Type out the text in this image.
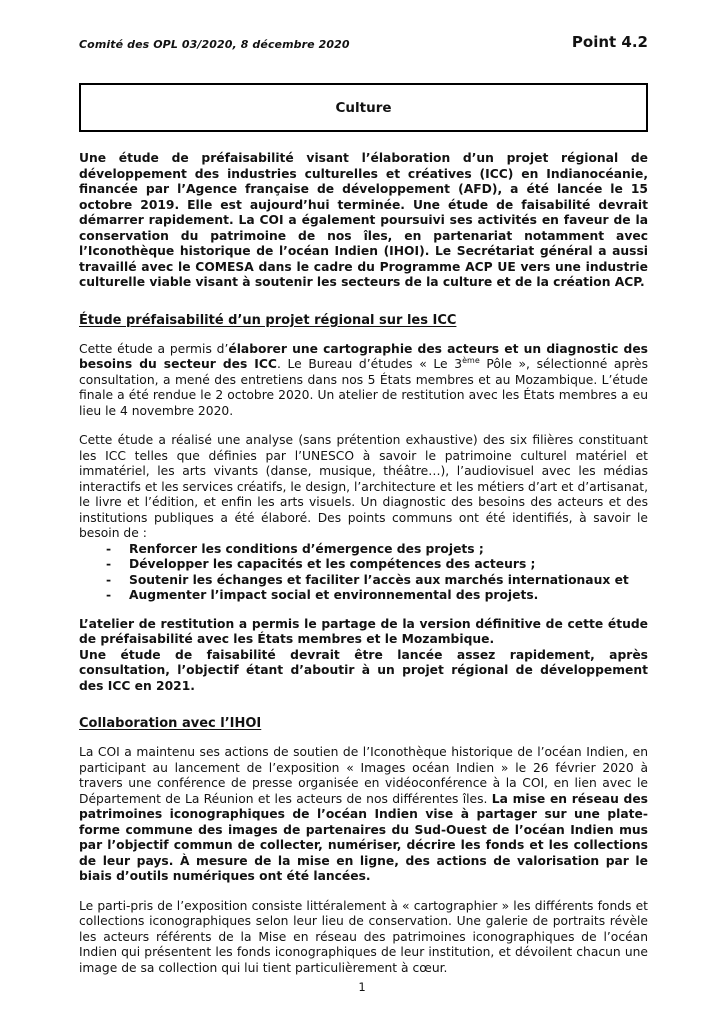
Comité des OPL 03/2020, 8 décembre 2020	Point 4.2
Culture

Une étude de préfaisabilité visant l’élaboration d’un projet régional de développement des industries culturelles et créatives (ICC) en Indianocéanie, financée par l’Agence française de développement (AFD), a été lancée le 15 octobre 2019. Elle est aujourd’hui terminée. Une étude de faisabilité devrait démarrer rapidement. La COI a également poursuivi ses activités en faveur de la conservation du patrimoine de nos îles, en partenariat notamment avec l’Iconothèque historique de l’océan Indien (IHOI). Le Secrétariat général a aussi travaillé avec le COMESA dans le cadre du Programme ACP UE vers une industrie culturelle viable visant à soutenir les secteurs de la culture et de la création ACP.

Étude préfaisabilité d’un projet régional sur les ICC

Cette étude a permis d’élaborer une cartographie des acteurs et un diagnostic des besoins du secteur des ICC. Le Bureau d’études « Le 3ème Pôle », sélectionné après consultation, a mené des entretiens dans nos 5 États membres et au Mozambique. L’étude finale a été rendue le 2 octobre 2020. Un atelier de restitution avec les États membres a eu lieu le 4 novembre 2020.

Cette étude a réalisé une analyse (sans prétention exhaustive) des six filières constituant les ICC telles que définies par l’UNESCO à savoir le patrimoine culturel matériel et immatériel, les arts vivants (danse, musique, théâtre…), l’audiovisuel avec les médias interactifs et les services créatifs, le design, l’architecture et les métiers d’art et d’artisanat, le livre et l’édition, et enfin les arts visuels. Un diagnostic des besoins des acteurs et des institutions publiques a été élaboré. Des points communs ont été identifiés, à savoir le besoin de :

-	Renforcer les conditions d’émergence des projets ;
-	Développer les capacités et les compétences des acteurs ;
-	Soutenir les échanges et faciliter l’accès aux marchés internationaux et
-	Augmenter l’impact social et environnemental des projets.
L’atelier de restitution a permis le partage de la version définitive de cette étude de préfaisabilité avec les États membres et le Mozambique.
Une étude de faisabilité devrait être lancée assez rapidement, après consultation, l’objectif étant d’aboutir à un projet régional de développement des ICC en 2021.
Collaboration avec l’IHOI

La COI a maintenu ses actions de soutien de l’Iconothèque historique de l’océan Indien, en participant au lancement de l’exposition « Images océan Indien » le 26 février 2020 à travers une conférence de presse organisée en vidéoconférence à la COI, en lien avec le Département de La Réunion et les acteurs de nos différentes îles. La mise en réseau des patrimoines iconographiques de l’océan Indien vise à partager sur une plate-forme commune des images de partenaires du Sud-Ouest de l’océan Indien mus par l’objectif commun de collecter, numériser, décrire les fonds et les collections de leur pays. À mesure de la mise en ligne, des actions de valorisation par le biais d’outils numériques ont été lancées.

Le parti-pris de l’exposition consiste littéralement à « cartographier » les différents fonds et collections iconographiques selon leur lieu de conservation. Une galerie de portraits révèle les acteurs référents de la Mise en réseau des patrimoines iconographiques de l’océan Indien qui présentent les fonds iconographiques de leur institution, et dévoilent chacun une image de sa collection qui lui tient particulièrement à cœur.

1
